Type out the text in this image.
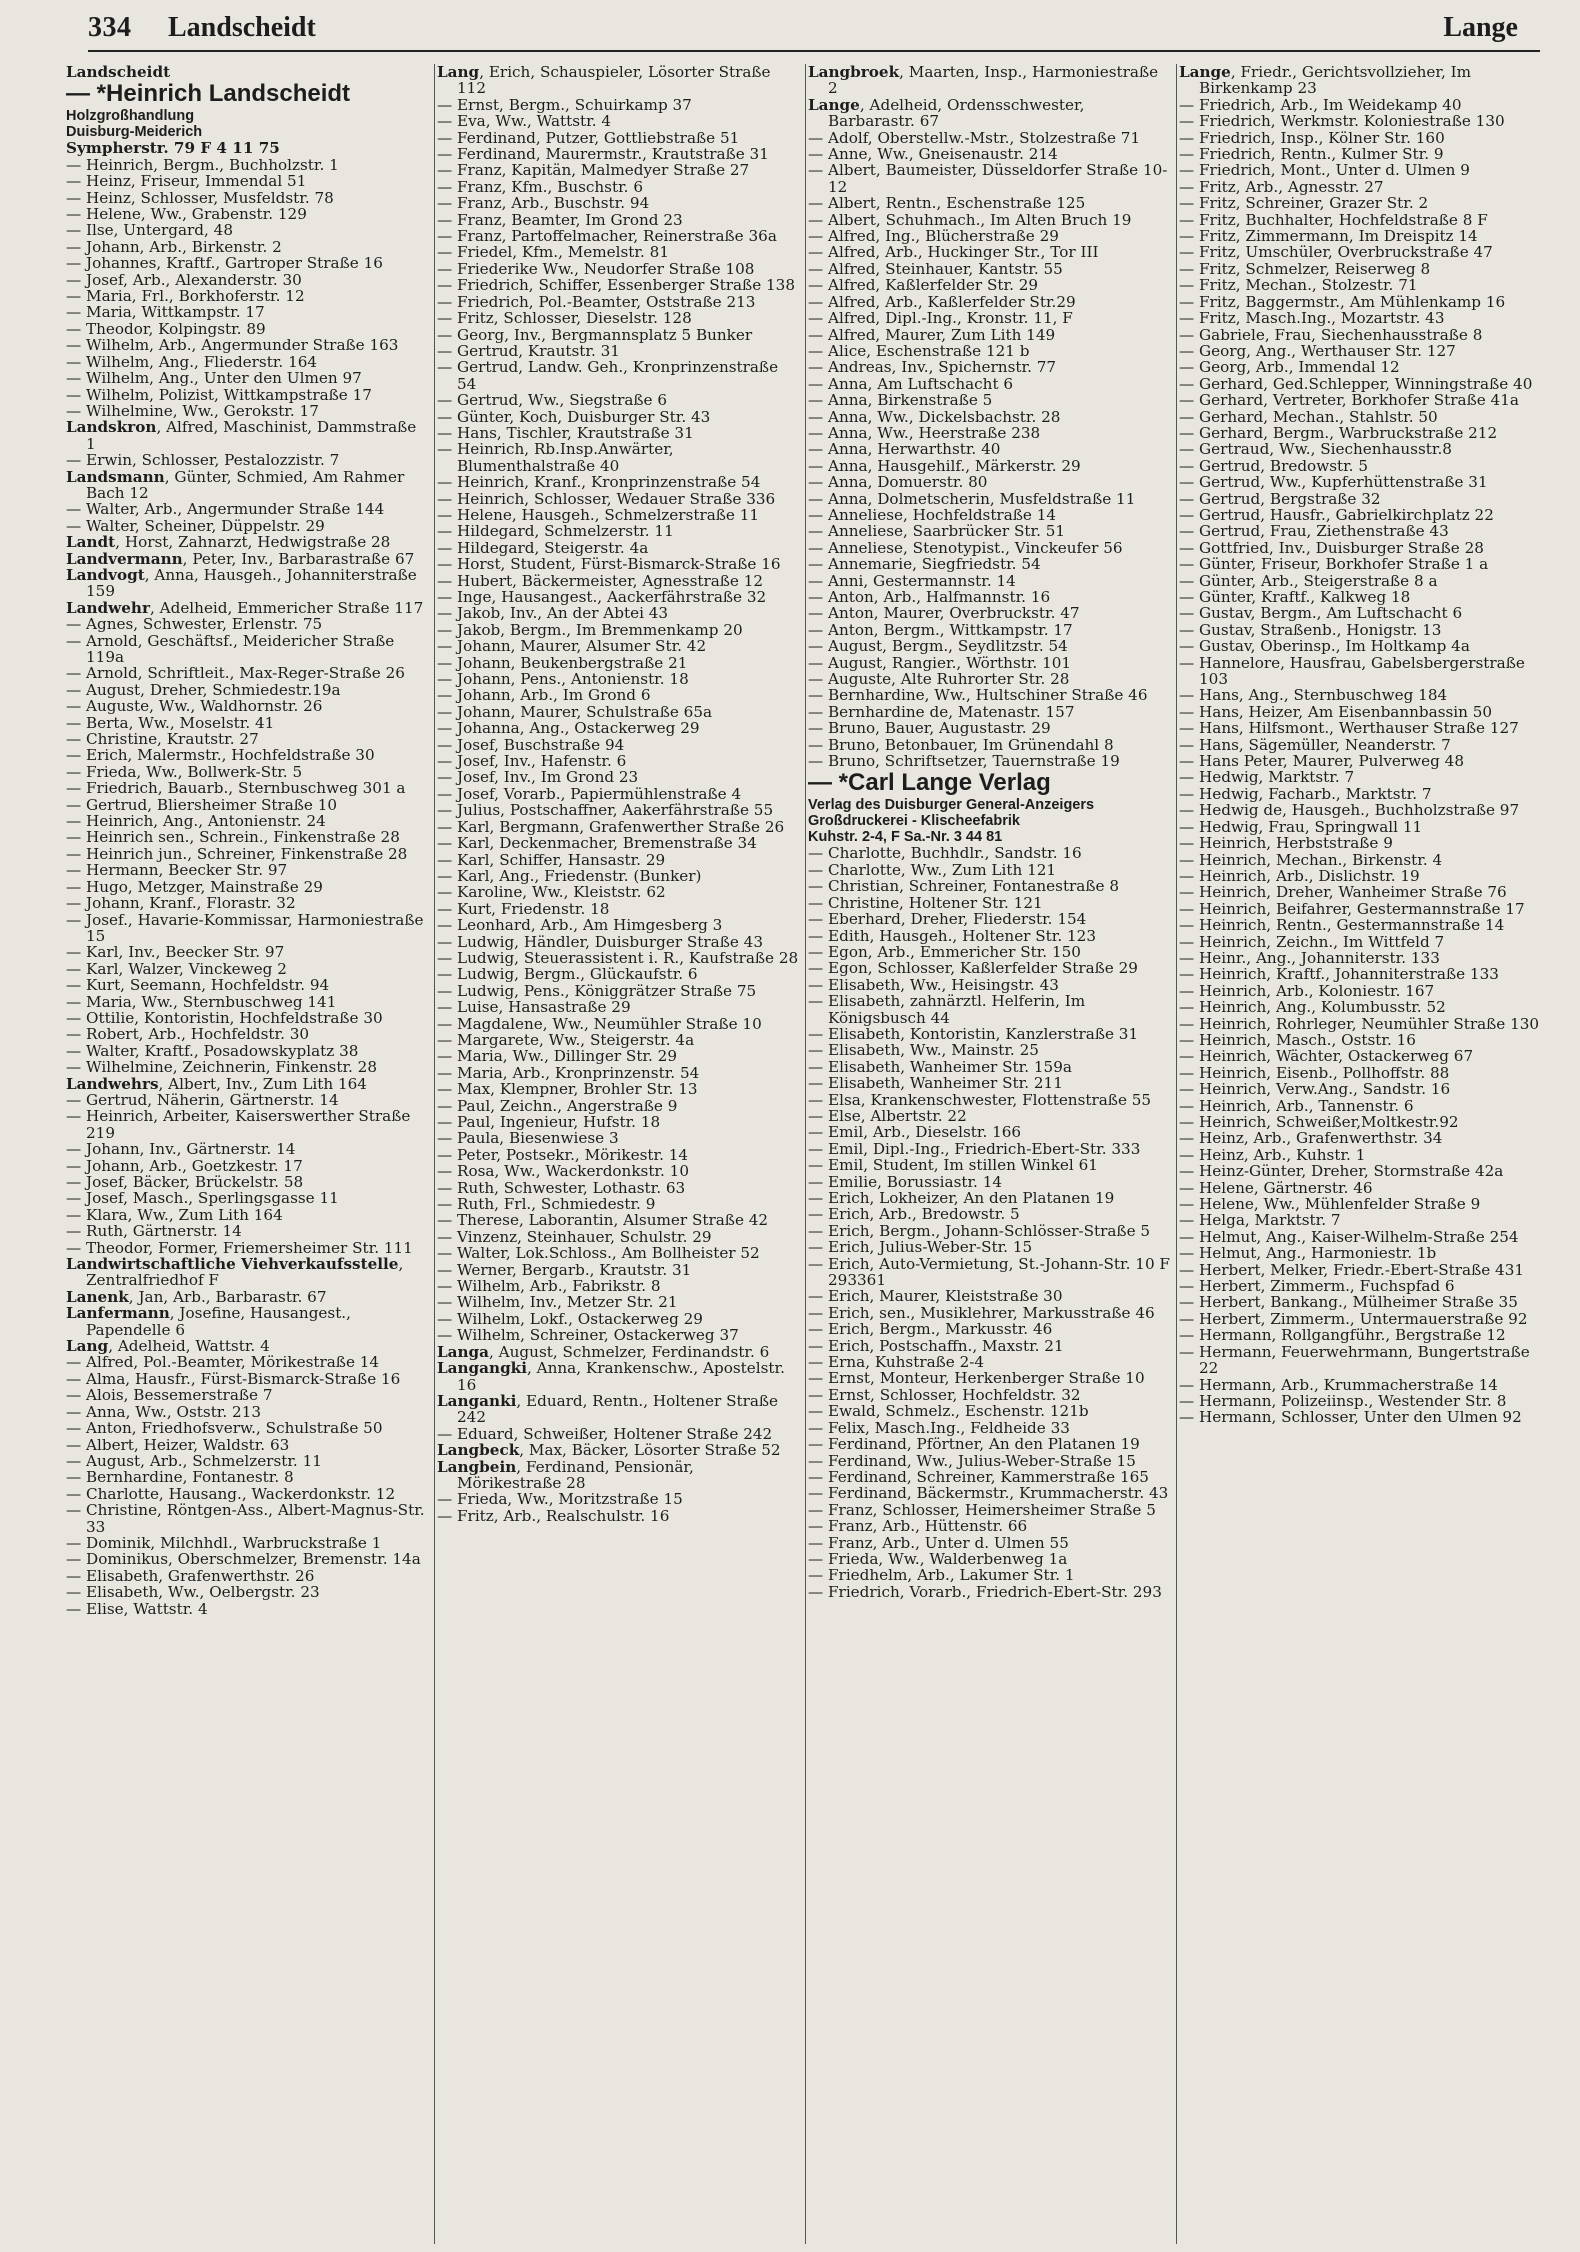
334 Landscheidt	Lange
Landscheidt
— *Heinrich Landscheidt
Holzgroßhandlung
Duisburg-Meiderich
Sympherstr. 79 F 4 11 75
— Heinrich, Bergm., Buchholzstr. 1
— Heinz, Friseur, Immendal 51
— Heinz, Schlosser, Musfeldstr. 78
— Helene, Ww., Grabenstr. 129
— Ilse, Untergard, 48
— Johann, Arb., Birkenstr. 2
— Johannes, Kraftf., Gartroper Straße 16
— Josef, Arb., Alexanderstr. 30
— Maria, Frl., Borkhoferstr. 12
— Maria, Wittkampstr. 17
— Theodor, Kolpingstr. 89
— Wilhelm, Arb., Angermunder Straße 163
— Wilhelm, Ang., Fliederstr. 164
— Wilhelm, Ang., Unter den Ulmen 97
— Wilhelm, Polizist, Wittkampstraße 17
— Wilhelmine, Ww., Gerokstr. 17
Landskron, Alfred, Maschinist, Dammstraße 1
— Erwin, Schlosser, Pestalozzistr. 7
Landsmann, Günter, Schmied, Am Rahmer Bach 12
— Walter, Arb., Angermunder Straße 144
— Walter, Scheiner, Düppelstr. 29
Landt, Horst, Zahnarzt, Hedwigstraße 28
Landvermann, Peter, Inv., Barbarastraße 67
Landvogt, Anna, Hausgeh., Johanniterstraße 159
Landwehr, Adelheid, Emmericher Straße 117
— Agnes, Schwester, Erlenstr. 75
— Arnold, Geschäftsf., Meidericher Straße 119a
— Arnold, Schriftleit., Max-Reger-Straße 26
— August, Dreher, Schmiedestr.19a
— Auguste, Ww., Waldhornstr. 26
— Berta, Ww., Moselstr. 41
— Christine, Krautstr. 27
— Erich, Malermstr., Hochfeldstraße 30
— Frieda, Ww., Bollwerk-Str. 5
— Friedrich, Bauarb., Sternbuschweg 301 a
— Gertrud, Bliersheimer Straße 10
— Heinrich, Ang., Antonienstr. 24
— Heinrich sen., Schrein., Finkenstraße 28
— Heinrich jun., Schreiner, Finkenstraße 28
— Hermann, Beecker Str. 97
— Hugo, Metzger, Mainstraße 29
— Johann, Kranf., Florastr. 32
— Josef., Havarie-Kommissar, Harmoniestraße 15
— Karl, Inv., Beecker Str. 97
— Karl, Walzer, Vinckeweg 2
— Kurt, Seemann, Hochfeldstr. 94
— Maria, Ww., Sternbuschweg 141
— Ottilie, Kontoristin, Hochfeldstraße 30
— Robert, Arb., Hochfeldstr. 30
— Walter, Kraftf., Posadowskyplatz 38
— Wilhelmine, Zeichnerin, Finkenstr. 28
Landwehrs, Albert, Inv., Zum Lith 164
— Gertrud, Näherin, Gärtnerstr. 14
— Heinrich, Arbeiter, Kaiserswerther Straße 219
— Johann, Inv., Gärtnerstr. 14
— Johann, Arb., Goetzkestr. 17
— Josef, Bäcker, Brückelstr. 58
— Josef, Masch., Sperlingsgasse 11
— Klara, Ww., Zum Lith 164
— Ruth, Gärtnerstr. 14
— Theodor, Former, Friemersheimer Str. 111
Landwirtschaftliche Viehverkaufsstelle, Zentralfriedhof F
Lanenk, Jan, Arb., Barbarastr. 67
Lanfermann, Josefine, Hausangest., Papendelle 6
Lang, Adelheid, Wattstr. 4
— Alfred, Pol.-Beamter, Mörikestraße 14
— Alma, Hausfr., Fürst-Bismarck-Straße 16
— Alois, Bessemerstraße 7
— Anna, Ww., Oststr. 213
— Anton, Friedhofsverw., Schulstraße 50
— Albert, Heizer, Waldstr. 63
— August, Arb., Schmelzerstr. 11
— Bernhardine, Fontanestr. 8
— Charlotte, Hausang., Wackerdonkstr. 12
— Christine, Röntgen-Ass., Albert-Magnus-Str. 33
— Dominik, Milchhdl., Warbruckstraße 1
— Dominikus, Oberschmelzer, Bremenstr. 14a
— Elisabeth, Grafenwerthstr. 26
— Elisabeth, Ww., Oelbergstr. 23
— Elise, Wattstr. 4
Lang, Erich, Schauspieler, Lösorter Straße 112
— Ernst, Bergm., Schuirkamp 37
— Eva, Ww., Wattstr. 4
— Ferdinand, Putzer, Gottliebstraße 51
— Ferdinand, Maurermstr., Krautstraße 31
— Franz, Kapitän, Malmedyer Straße 27
— Franz, Kfm., Buschstr. 6
— Franz, Arb., Buschstr. 94
— Franz, Beamter, Im Grond 23
— Franz, Partoffelmacher, Reinerstraße 36a
— Friedel, Kfm., Memelstr. 81
— Friederike Ww., Neudorfer Straße 108
— Friedrich, Schiffer, Essenberger Straße 138
— Friedrich, Pol.-Beamter, Oststraße 213
— Fritz, Schlosser, Dieselstr. 128
— Georg, Inv., Bergmannsplatz 5 Bunker
— Gertrud, Krautstr. 31
— Gertrud, Landw. Geh., Kronprinzenstraße 54
— Gertrud, Ww., Siegstraße 6
— Günter, Koch, Duisburger Str. 43
— Hans, Tischler, Krautstraße 31
— Heinrich, Rb.Insp.Anwärter, Blumenthalstraße 40
— Heinrich, Kranf., Kronprinzenstraße 54
— Heinrich, Schlosser, Wedauer Straße 336
— Helene, Hausgeh., Schmelzerstraße 11
— Hildegard, Schmelzerstr. 11
— Hildegard, Steigerstr. 4a
— Horst, Student, Fürst-Bismarck-Straße 16
— Hubert, Bäckermeister, Agnesstraße 12
— Inge, Hausangest., Aackerfährstraße 32
— Jakob, Inv., An der Abtei 43
— Jakob, Bergm., Im Bremmenkamp 20
— Johann, Maurer, Alsumer Str. 42
— Johann, Beukenbergstraße 21
— Johann, Pens., Antonienstr. 18
— Johann, Arb., Im Grond 6
— Johann, Maurer, Schulstraße 65a
— Johanna, Ang., Ostackerweg 29
— Josef, Buschstraße 94
— Josef, Inv., Hafenstr. 6
— Josef, Inv., Im Grond 23
— Josef, Vorarb., Papiermühlenstraße 4
— Julius, Postschaffner, Aakerfährstraße 55
— Karl, Bergmann, Grafenwerther Straße 26
— Karl, Deckenmacher, Bremenstraße 34
— Karl, Schiffer, Hansastr. 29
— Karl, Ang., Friedenstr. (Bunker)
— Karoline, Ww., Kleiststr. 62
— Kurt, Friedenstr. 18
— Leonhard, Arb., Am Himgesberg 3
— Ludwig, Händler, Duisburger Straße 43
— Ludwig, Steuerassistent i. R., Kaufstraße 28
— Ludwig, Bergm., Glückaufstr. 6
— Ludwig, Pens., Königgrätzer Straße 75
— Luise, Hansastraße 29
— Magdalene, Ww., Neumühler Straße 10
— Margarete, Ww., Steigerstr. 4a
— Maria, Ww., Dillinger Str. 29
— Maria, Arb., Kronprinzenstr. 54
— Max, Klempner, Brohler Str. 13
— Paul, Zeichn., Angerstraße 9
— Paul, Ingenieur, Hufstr. 18
— Paula, Biesenwiese 3
— Peter, Postsekr., Mörikestr. 14
— Rosa, Ww., Wackerdonkstr. 10
— Ruth, Schwester, Lothastr. 63
— Ruth, Frl., Schmiedestr. 9
— Therese, Laborantin, Alsumer Straße 42
— Vinzenz, Steinhauer, Schulstr. 29
— Walter, Lok.Schloss., Am Bollheister 52
— Werner, Bergarb., Krautstr. 31
— Wilhelm, Arb., Fabrikstr. 8
— Wilhelm, Inv., Metzer Str. 21
— Wilhelm, Lokf., Ostackerweg 29
— Wilhelm, Schreiner, Ostackerweg 37
Langa, August, Schmelzer, Ferdinandstr. 6
Langangki, Anna, Krankenschw., Apostelstr. 16
Langanki, Eduard, Rentn., Holtener Straße 242
— Eduard, Schweißer, Holtener Straße 242
Langbeck, Max, Bäcker, Lösorter Straße 52
Langbein, Ferdinand, Pensionär, Mörikestraße 28
— Frieda, Ww., Moritzstraße 15
— Fritz, Arb., Realschulstr. 16
Langbroek, Maarten, Insp., Harmoniestraße 2
Lange, Adelheid, Ordensschwester, Barbarastr. 67
— Adolf, Oberstellw.-Mstr., Stolzestraße 71
— Anne, Ww., Gneisenaustr. 214
— Albert, Baumeister, Düsseldorfer Straße 10-12
— Albert, Rentn., Eschenstraße 125
— Albert, Schuhmach., Im Alten Bruch 19
— Alfred, Ing., Blücherstraße 29
— Alfred, Arb., Huckinger Str., Tor III
— Alfred, Steinhauer, Kantstr. 55
— Alfred, Kaßlerfelder Str. 29
— Alfred, Arb., Kaßlerfelder Str.29
— Alfred, Dipl.-Ing., Kronstr. 11, F
— Alfred, Maurer, Zum Lith 149
— Alice, Eschenstraße 121 b
— Andreas, Inv., Spichernstr. 77
— Anna, Am Luftschacht 6
— Anna, Birkenstraße 5
— Anna, Ww., Dickelsbachstr. 28
— Anna, Ww., Heerstraße 238
— Anna, Herwarthstr. 40
— Anna, Hausgehilf., Märkerstr. 29
— Anna, Domuerstr. 80
— Anna, Dolmetscherin, Musfeldstraße 11
— Anneliese, Hochfeldstraße 14
— Anneliese, Saarbrücker Str. 51
— Anneliese, Stenotypist., Vinckeufer 56
— Annemarie, Siegfriedstr. 54
— Anni, Gestermannstr. 14
— Anton, Arb., Halfmannstr. 16
— Anton, Maurer, Overbruckstr. 47
— Anton, Bergm., Wittkampstr. 17
— August, Bergm., Seydlitzstr. 54
— August, Rangier., Wörthstr. 101
— Auguste, Alte Ruhrorter Str. 28
— Bernhardine, Ww., Hultschiner Straße 46
— Bernhardine de, Matenastr. 157
— Bruno, Bauer, Augustastr. 29
— Bruno, Betonbauer, Im Grünendahl 8
— Bruno, Schriftsetzer, Tauernstraße 19
— *Carl Lange Verlag
Verlag des Duisburger General-Anzeigers
Großdruckerei - Klischeefabrik
Kuhstr. 2-4, F Sa.-Nr. 3 44 81
— Charlotte, Buchhdlr., Sandstr. 16
— Charlotte, Ww., Zum Lith 121
— Christian, Schreiner, Fontanestraße 8
— Christine, Holtener Str. 121
— Eberhard, Dreher, Fliederstr. 154
— Edith, Hausgeh., Holtener Str. 123
— Egon, Arb., Emmericher Str. 150
— Egon, Schlosser, Kaßlerfelder Straße 29
— Elisabeth, Ww., Heisingstr. 43
— Elisabeth, zahnärztl. Helferin, Im Königsbusch 44
— Elisabeth, Kontoristin, Kanzlerstraße 31
— Elisabeth, Ww., Mainstr. 25
— Elisabeth, Wanheimer Str. 159a
— Elisabeth, Wanheimer Str. 211
— Elsa, Krankenschwester, Flottenstraße 55
— Else, Albertstr. 22
— Emil, Arb., Dieselstr. 166
— Emil, Dipl.-Ing., Friedrich-Ebert-Str. 333
— Emil, Student, Im stillen Winkel 61
— Emilie, Borussiastr. 14
— Erich, Lokheizer, An den Platanen 19
— Erich, Arb., Bredowstr. 5
— Erich, Bergm., Johann-Schlösser-Straße 5
— Erich, Julius-Weber-Str. 15
— Erich, Auto-Vermietung, St.-Johann-Str. 10 F 293361
— Erich, Maurer, Kleiststraße 30
— Erich, sen., Musiklehrer, Markusstraße 46
— Erich, Bergm., Markusstr. 46
— Erich, Postschaffn., Maxstr. 21
— Erna, Kuhstraße 2-4
— Ernst, Monteur, Herkenberger Straße 10
— Ernst, Schlosser, Hochfeldstr. 32
— Ewald, Schmelz., Eschenstr. 121b
— Felix, Masch.Ing., Feldheide 33
— Ferdinand, Pförtner, An den Platanen 19
— Ferdinand, Ww., Julius-Weber-Straße 15
— Ferdinand, Schreiner, Kammerstraße 165
— Ferdinand, Bäckermstr., Krummacherstr. 43
— Franz, Schlosser, Heimersheimer Straße 5
— Franz, Arb., Hüttenstr. 66
— Franz, Arb., Unter d. Ulmen 55
— Frieda, Ww., Walderbenweg 1a
— Friedhelm, Arb., Lakumer Str. 1
— Friedrich, Vorarb., Friedrich-Ebert-Str. 293
Lange, Friedr., Gerichtsvollzieher, Im Birkenkamp 23
— Friedrich, Arb., Im Weidekamp 40
— Friedrich, Werkmstr. Koloniestraße 130
— Friedrich, Insp., Kölner Str. 160
— Friedrich, Rentn., Kulmer Str. 9
— Friedrich, Mont., Unter d. Ulmen 9
— Fritz, Arb., Agnesstr. 27
— Fritz, Schreiner, Grazer Str. 2
— Fritz, Buchhalter, Hochfeldstraße 8 F
— Fritz, Zimmermann, Im Dreispitz 14
— Fritz, Umschüler, Overbruckstraße 47
— Fritz, Schmelzer, Reiserweg 8
— Fritz, Mechan., Stolzestr. 71
— Fritz, Baggermstr., Am Mühlenkamp 16
— Fritz, Masch.Ing., Mozartstr. 43
— Gabriele, Frau, Siechenhausstraße 8
— Georg, Ang., Werthauser Str. 127
— Georg, Arb., Immendal 12
— Gerhard, Ged.Schlepper, Winningstraße 40
— Gerhard, Vertreter, Borkhofer Straße 41a
— Gerhard, Mechan., Stahlstr. 50
— Gerhard, Bergm., Warbruckstraße 212
— Gertraud, Ww., Siechenhausstr.8
— Gertrud, Bredowstr. 5
— Gertrud, Ww., Kupferhüttenstraße 31
— Gertrud, Bergstraße 32
— Gertrud, Hausfr., Gabrielkirchplatz 22
— Gertrud, Frau, Ziethenstraße 43
— Gottfried, Inv., Duisburger Straße 28
— Günter, Friseur, Borkhofer Straße 1 a
— Günter, Arb., Steigerstraße 8 a
— Günter, Kraftf., Kalkweg 18
— Gustav, Bergm., Am Luftschacht 6
— Gustav, Straßenb., Honigstr. 13
— Gustav, Oberinsp., Im Holtkamp 4a
— Hannelore, Hausfrau, Gabelsbergerstraße 103
— Hans, Ang., Sternbuschweg 184
— Hans, Heizer, Am Eisenbannbassin 50
— Hans, Hilfsmont., Werthauser Straße 127
— Hans, Sägemüller, Neanderstr. 7
— Hans Peter, Maurer, Pulverweg 48
— Hedwig, Marktstr. 7
— Hedwig, Facharb., Marktstr. 7
— Hedwig de, Hausgeh., Buchholzstraße 97
— Hedwig, Frau, Springwall 11
— Heinrich, Herbststraße 9
— Heinrich, Mechan., Birkenstr. 4
— Heinrich, Arb., Dislichstr. 19
— Heinrich, Dreher, Wanheimer Straße 76
— Heinrich, Beifahrer, Gestermannstraße 17
— Heinrich, Rentn., Gestermannstraße 14
— Heinrich, Zeichn., Im Wittfeld 7
— Heinr., Ang., Johanniterstr. 133
— Heinrich, Kraftf., Johanniterstraße 133
— Heinrich, Arb., Koloniestr. 167
— Heinrich, Ang., Kolumbusstr. 52
— Heinrich, Rohrleger, Neumühler Straße 130
— Heinrich, Masch., Oststr. 16
— Heinrich, Wächter, Ostackerweg 67
— Heinrich, Eisenb., Pollhoffstr. 88
— Heinrich, Verw.Ang., Sandstr. 16
— Heinrich, Arb., Tannenstr. 6
— Heinrich, Schweißer,Moltkestr.92
— Heinz, Arb., Grafenwerthstr. 34
— Heinz, Arb., Kuhstr. 1
— Heinz-Günter, Dreher, Stormstraße 42a
— Helene, Gärtnerstr. 46
— Helene, Ww., Mühlenfelder Straße 9
— Helga, Marktstr. 7
— Helmut, Ang., Kaiser-Wilhelm-Straße 254
— Helmut, Ang., Harmoniestr. 1b
— Herbert, Melker, Friedr.-Ebert-Straße 431
— Herbert, Zimmerm., Fuchspfad 6
— Herbert, Bankang., Mülheimer Straße 35
— Herbert, Zimmerm., Untermauerstraße 92
— Hermann, Rollgangführ., Bergstraße 12
— Hermann, Feuerwehrmann, Bungertstraße 22
— Hermann, Arb., Krummacherstraße 14
— Hermann, Polizeiinsp., Westender Str. 8
— Hermann, Schlosser, Unter den Ulmen 92
